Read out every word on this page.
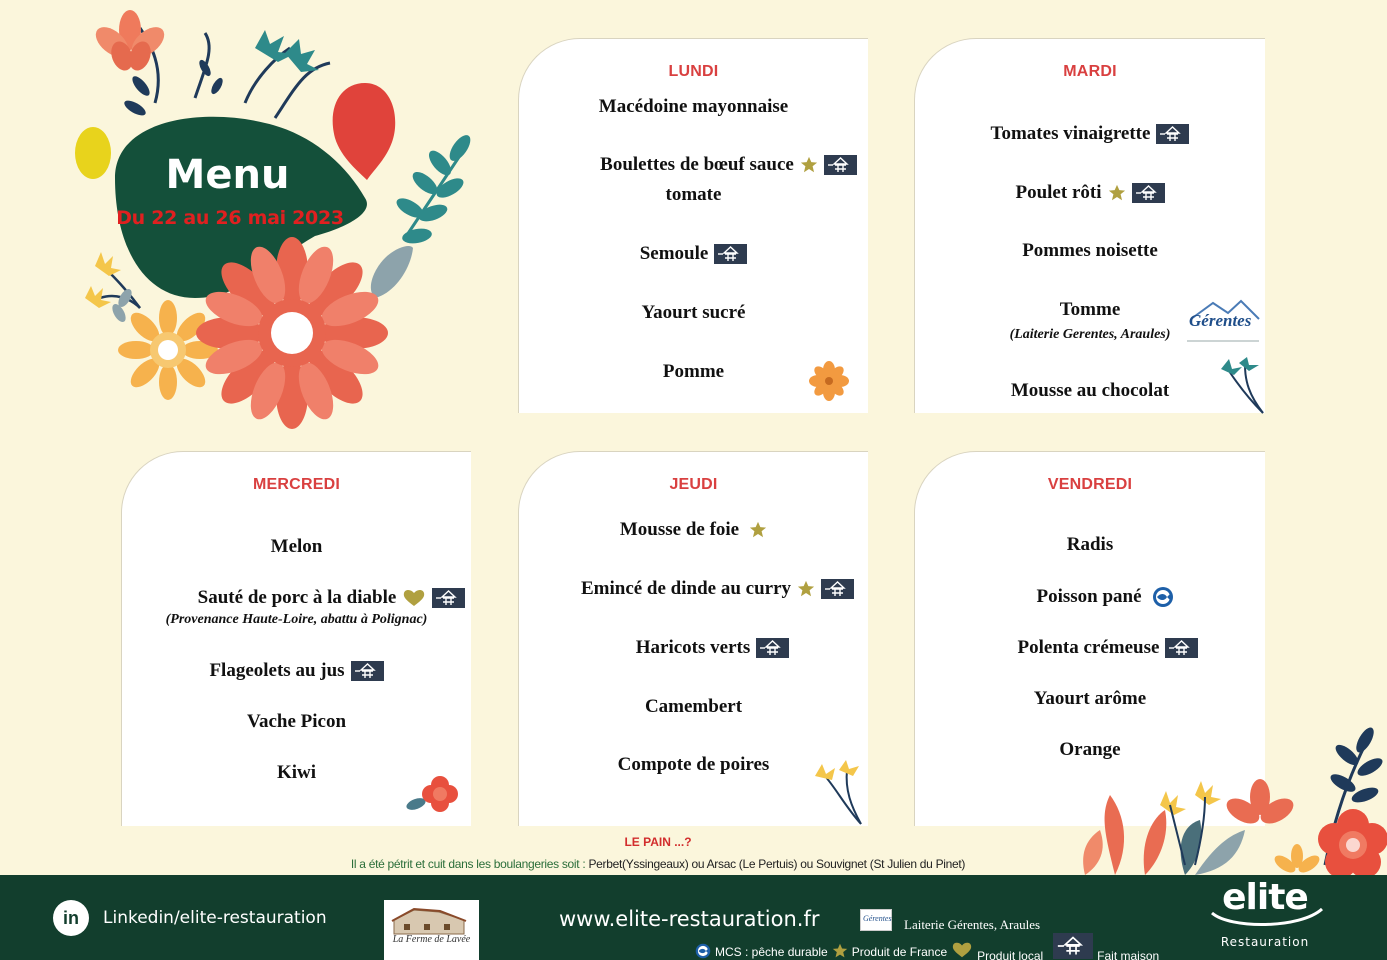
Menu
Du 22 au 26 mai 2023
LUNDI
Macédoine mayonnaise
Boulettes de bœuf sauce
tomate
Semoule
Yaourt sucré
Pomme
MARDI
Tomates vinaigrette
Poulet rôti
Pommes noisette
Tomme
(Laiterie Gerentes, Araules)
Mousse au chocolat
Gérentes
MERCREDI
Melon
Sauté de porc à la diable
(Provenance Haute-Loire, abattu à Polignac)
Flageolets au jus
Vache Picon
Kiwi
JEUDI
Mousse de foie
Emincé de dinde au curry
Haricots verts
Camembert
Compote de poires
VENDREDI
Radis
Poisson pané
Polenta crémeuse
Yaourt arôme
Orange
LE PAIN ...?
Il a été pétrit et cuit dans les boulangeries soit : Perbet(Yssingeaux) ou Arsac (Le Pertuis) ou Souvignet (St Julien du Pinet)
in	Linkedin/elite-restauration
La Ferme de Lavée
www.elite-restauration.fr	Gérentes Laiterie Gérentes, Araules
MCS : pêche durable Produit de France	Produit local	Fait maison
elite
Restauration
